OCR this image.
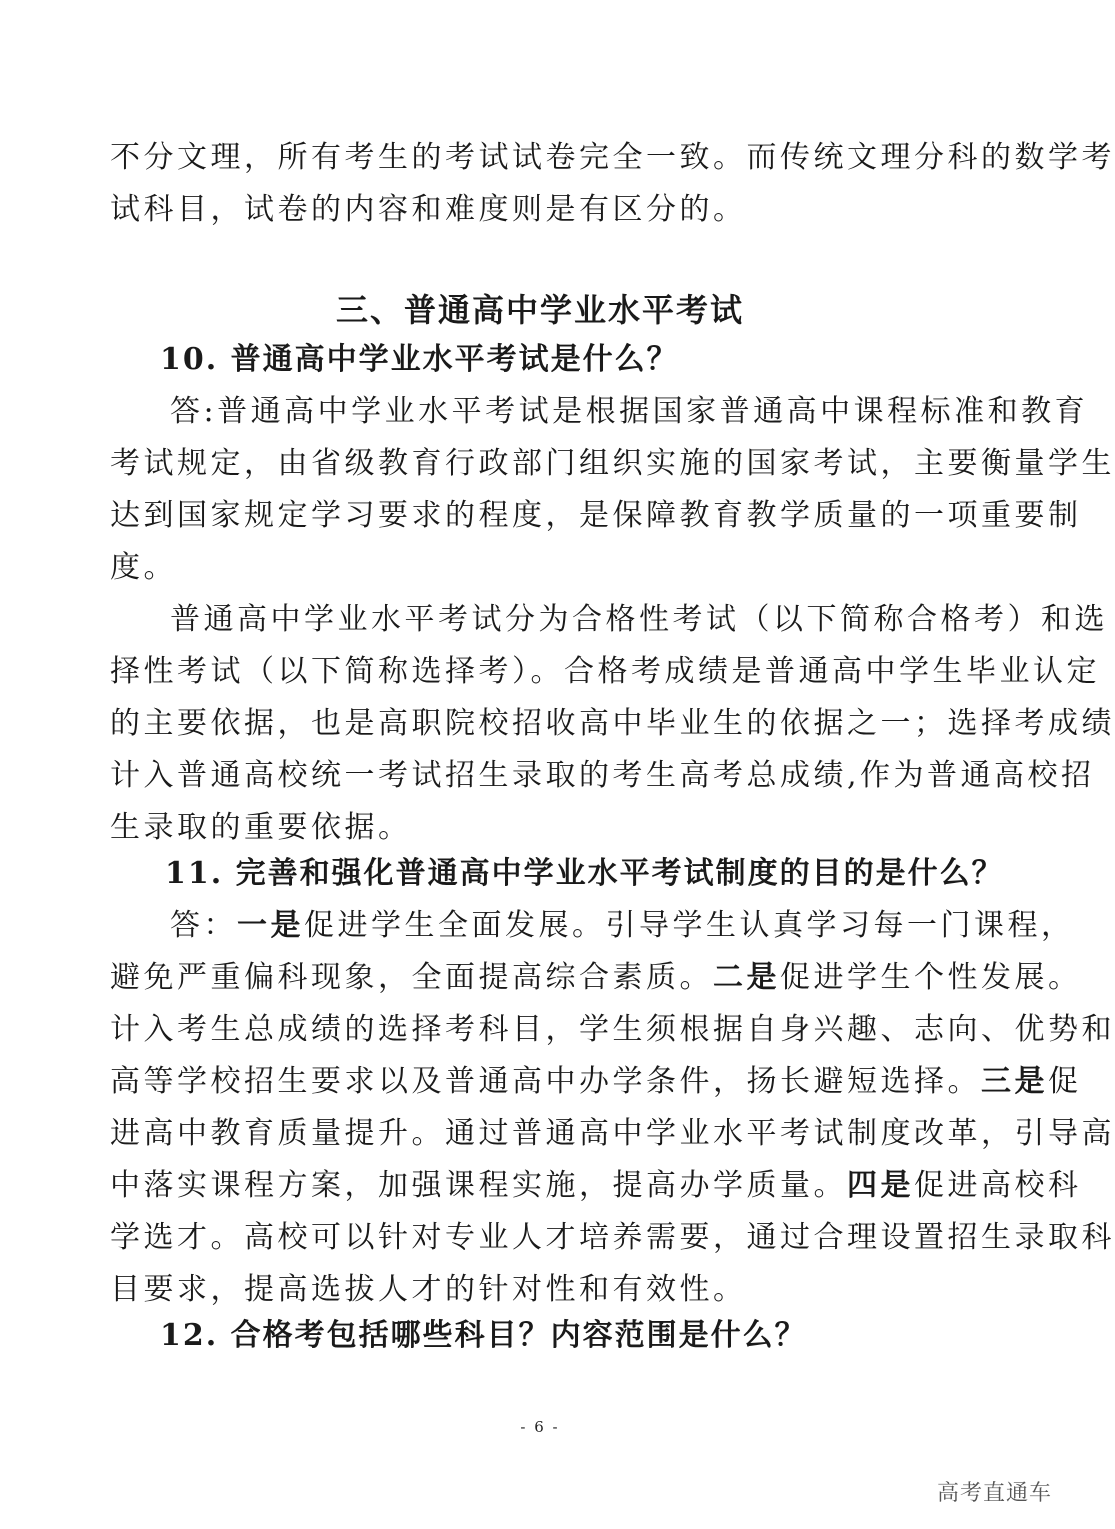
不分文理，所有考生的考试试卷完全一致。而传统文理分科的数学考
试科目，试卷的内容和难度则是有区分的。
三、普通高中学业水平考试
10. 普通高中学业水平考试是什么？
答:普通高中学业水平考试是根据国家普通高中课程标准和教育
考试规定，由省级教育行政部门组织实施的国家考试，主要衡量学生
达到国家规定学习要求的程度，是保障教育教学质量的一项重要制
度。
普通高中学业水平考试分为合格性考试（以下简称合格考）和选
择性考试（以下简称选择考）。合格考成绩是普通高中学生毕业认定
的主要依据，也是高职院校招收高中毕业生的依据之一；选择考成绩
计入普通高校统一考试招生录取的考生高考总成绩,作为普通高校招
生录取的重要依据。
11. 完善和强化普通高中学业水平考试制度的目的是什么？
答：一是促进学生全面发展。引导学生认真学习每一门课程，
避免严重偏科现象，全面提高综合素质。二是促进学生个性发展。
计入考生总成绩的选择考科目，学生须根据自身兴趣、志向、优势和
高等学校招生要求以及普通高中办学条件，扬长避短选择。三是促
进高中教育质量提升。通过普通高中学业水平考试制度改革，引导高
中落实课程方案，加强课程实施，提高办学质量。四是促进高校科
学选才。高校可以针对专业人才培养需要，通过合理设置招生录取科
目要求，提高选拔人才的针对性和有效性。
12. 合格考包括哪些科目？内容范围是什么？
- 6 -
高考直通车
